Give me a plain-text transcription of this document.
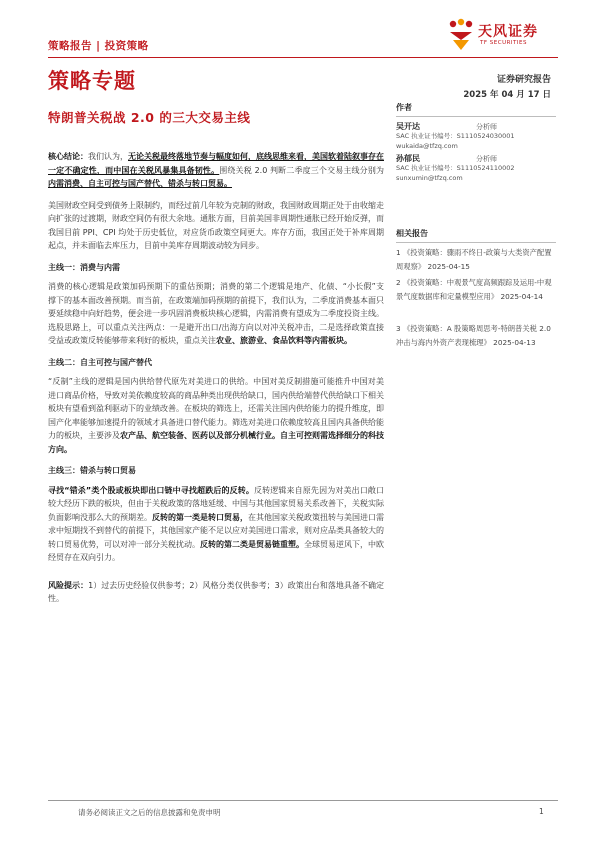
策略报告 | 投资策略
天风证券
TF SECURITIES
策略专题	证券研究报告
2025 年 04 月 17 日
特朗普关税战 2.0 的三大交易主线

核心结论：我们认为，无论关税最终落地节奏与幅度如何，底线思维来看，美国软着陆叙事存在一定不确定性，而中国在关税风暴集具备韧性。围绕关税 2.0 判断二季度三个交易主线分别为内需消费、自主可控与国产替代、错杀与转口贸易。

美国财政空间受到债务上限制约，而经过前几年较为克制的财政，我国财政周期正处于由收缩走向扩张的过渡期，财政空间仍有很大余地。通胀方面，目前美国非周期性通胀已经开始反弹，而我国目前 PPI、CPI 均处于历史低位，对应货币政策空间更大。库存方面，我国正处于补库周期起点，并未面临去库压力，目前中美库存周期波动较为同步。

主线一：消费与内需

消费的核心逻辑是政策加码预期下的重估预期；消费的第二个逻辑是地产、化债、“小长假”支撑下的基本面改善预期。而当前，在政策端加码预期的前提下，我们认为，二季度消费基本面只要延续稳中向好趋势，便会进一步巩固消费板块核心逻辑，内需消费有望成为二季度投资主线。选股思路上，可以重点关注两点：一是避开出口/出海方向以对冲关税冲击，二是选择政策直接受益或政策反转能够带来利好的板块，重点关注农业、旅游业、食品饮料等内需板块。

主线二：自主可控与国产替代

“反制”主线的逻辑是国内供给替代原先对美进口的供给。中国对美反制措施可能推升中国对美进口商品价格，导致对美依赖度较高的商品种类出现供给缺口，国内供给端替代供给缺口下相关板块有望看到盈利驱动下的业绩改善。在板块的筛选上，还需关注国内供给能力的提升维度，即国产化率能够加速提升的领域才具备进口替代能力。筛选对美进口依赖度较高且国内具备供给能力的板块，主要涉及农产品、航空装备、医药以及部分机械行业。自主可控则需选择细分的科技方向。

主线三：错杀与转口贸易

寻找“错杀”类个股或板块即出口链中寻找超跌后的反转。反转逻辑来自原先因为对美出口敞口较大经历下跌的板块，但由于关税政策的落地延缓、中国与其他国家贸易关系改善下，关税实际负面影响没那么大的预期差。反转的第一类是转口贸易，在其他国家关税政策扭转与美国进口需求中短期找不到替代的前提下，其他国家产能不足以应对美国进口需求，则对应品类具备较大的转口贸易优势，可以对冲一部分关税扰动。反转的第二类是贸易链重塑。全球贸易逆风下，中欧经贸存在双向引力。

风险提示：1）过去历史经验仅供参考；2）风格分类仅供参考；3）政策出台和落地具备不确定性。

作者
吴开达	分析师
SAC 执业证书编号：S1110524030001
wukaida@tfzq.com
孙郁民	分析师
SAC 执业证书编号：S1110524110002
sunxumin@tfzq.com
相关报告
1 《投资策略：骤雨不终日-政策与大类资产配置周观察》 2025-04-15
2 《投资策略：中观景气度高频跟踪及运用-中观景气度数据库和定量模型应用》 2025-04-14
3 《投资策略：A 股策略周思考-特朗普关税 2.0 冲击与海内外资产表现梳理》 2025-04-13
请务必阅读正文之后的信息披露和免责申明	1
